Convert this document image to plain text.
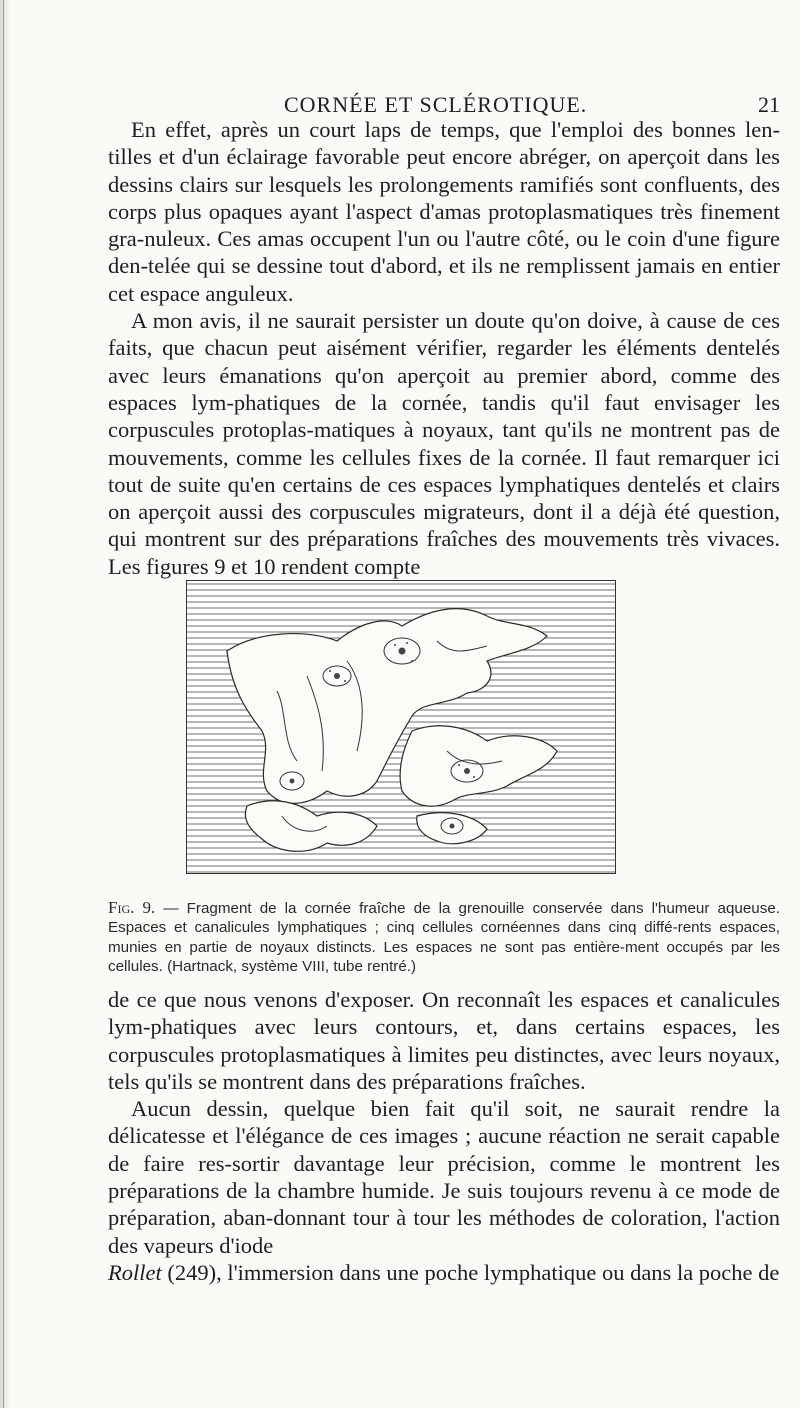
CORNÉE ET SCLÉROTIQUE.	21

En effet, après un court laps de temps, que l'emploi des bonnes len-tilles et d'un éclairage favorable peut encore abréger, on aperçoit dans les dessins clairs sur lesquels les prolongements ramifiés sont confluents, des corps plus opaques ayant l'aspect d'amas protoplasmatiques très finement gra-nuleux. Ces amas occupent l'un ou l'autre côté, ou le coin d'une figure den-telée qui se dessine tout d'abord, et ils ne remplissent jamais en entier cet espace anguleux.

A mon avis, il ne saurait persister un doute qu'on doive, à cause de ces faits, que chacun peut aisément vérifier, regarder les éléments dentelés avec leurs émanations qu'on aperçoit au premier abord, comme des espaces lym-phatiques de la cornée, tandis qu'il faut envisager les corpuscules protoplas-matiques à noyaux, tant qu'ils ne montrent pas de mouvements, comme les cellules fixes de la cornée. Il faut remarquer ici tout de suite qu'en certains de ces espaces lymphatiques dentelés et clairs on aperçoit aussi des corpuscules migrateurs, dont il a déjà été question, qui montrent sur des préparations fraîches des mouvements très vivaces. Les figures 9 et 10 rendent compte

Fig. 9. — Fragment de la cornée fraîche de la grenouille conservée dans l'humeur aqueuse. Espaces et canalicules lymphatiques ; cinq cellules cornéennes dans cinq diffé-rents espaces, munies en partie de noyaux distincts. Les espaces ne sont pas entière-ment occupés par les cellules. (Hartnack, système VIII, tube rentré.)

de ce que nous venons d'exposer. On reconnaît les espaces et canalicules lym-phatiques avec leurs contours, et, dans certains espaces, les corpuscules protoplasmatiques à limites peu distinctes, avec leurs noyaux, tels qu'ils se montrent dans des préparations fraîches.

Aucun dessin, quelque bien fait qu'il soit, ne saurait rendre la délicatesse et l'élégance de ces images ; aucune réaction ne serait capable de faire res-sortir davantage leur précision, comme le montrent les préparations de la chambre humide. Je suis toujours revenu à ce mode de préparation, aban-donnant tour à tour les méthodes de coloration, l'action des vapeurs d'iode

Rollet (249), l'immersion dans une poche lymphatique ou dans la poche de
